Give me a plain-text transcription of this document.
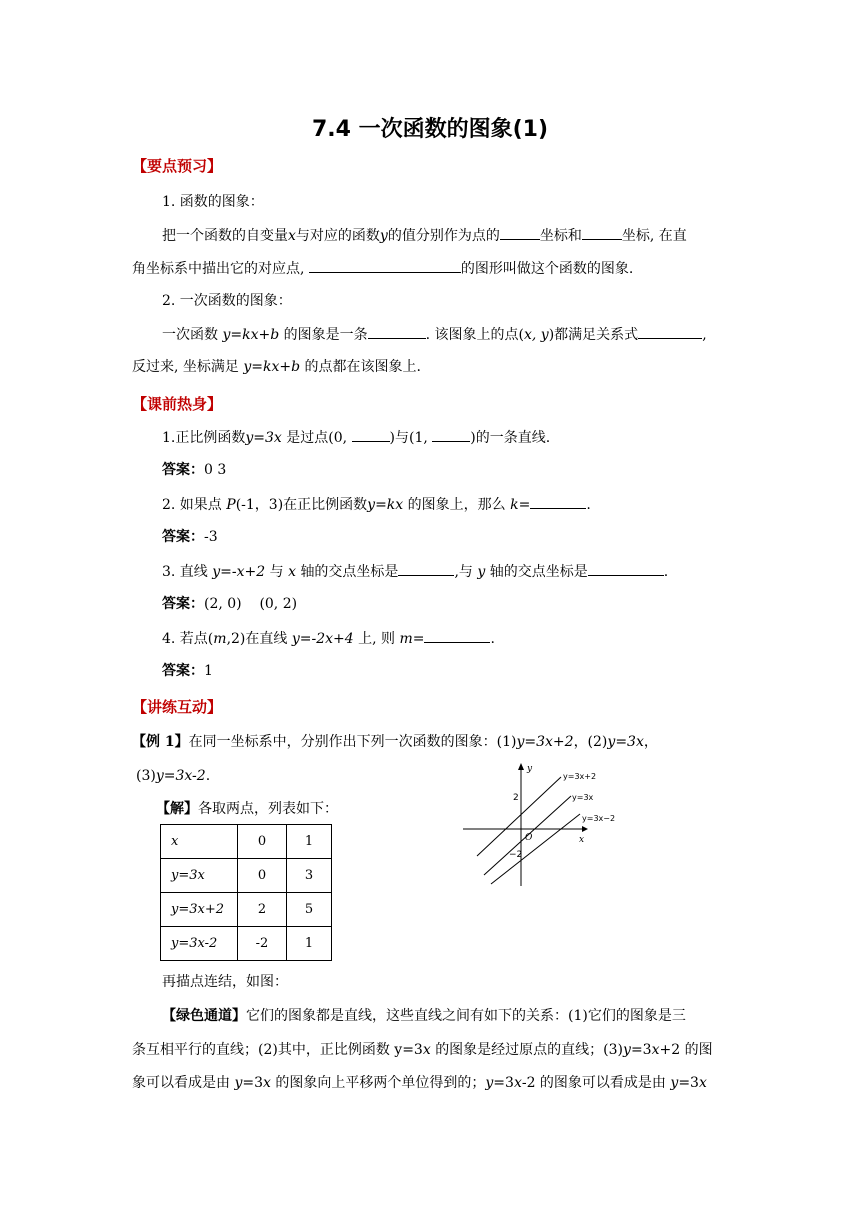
7.4 一次函数的图象(1)
【要点预习】
1. 函数的图象：
把一个函数的自变量x与对应的函数y的值分别作为点的	坐标和	坐标, 在直
角坐标系中描出它的对应点,	的图形叫做这个函数的图象.
2. 一次函数的图象：
一次函数 y=kx+b 的图象是一条	. 该图象上的点(x, y)都满足关系式	,
反过来, 坐标满足 y=kx+b 的点都在该图象上.
【课前热身】
1.正比例函数y=3x 是过点(0,	)与(1,	)的一条直线.
答案：0 3
2. 如果点 P(-1，3)在正比例函数y=kx 的图象上，那么 k=	.
答案：-3
3. 直线 y=-x+2 与 x 轴的交点坐标是	,与 y 轴的交点坐标是	.
答案：(2, 0)    (0, 2)
4. 若点(m,2)在直线 y=-2x+4 上, 则 m=	.
答案：1
【讲练互动】
【例 1】在同一坐标系中，分别作出下列一次函数的图象：(1)y=3x+2，(2)y=3x，
(3)y=3x-2.
【解】各取两点，列表如下：
x	0	1
y=3x	0	3
y=3x+2	2	5
y=3x-2	-2	1
y
x
O
2
−2
y=3x+2
y=3x
y=3x−2
再描点连结，如图：
【绿色通道】它们的图象都是直线，这些直线之间有如下的关系：(1)它们的图象是三
条互相平行的直线；(2)其中，正比例函数 y=3x 的图象是经过原点的直线；(3)y=3x+2 的图
象可以看成是由 y=3x 的图象向上平移两个单位得到的；y=3x-2 的图象可以看成是由 y=3x
